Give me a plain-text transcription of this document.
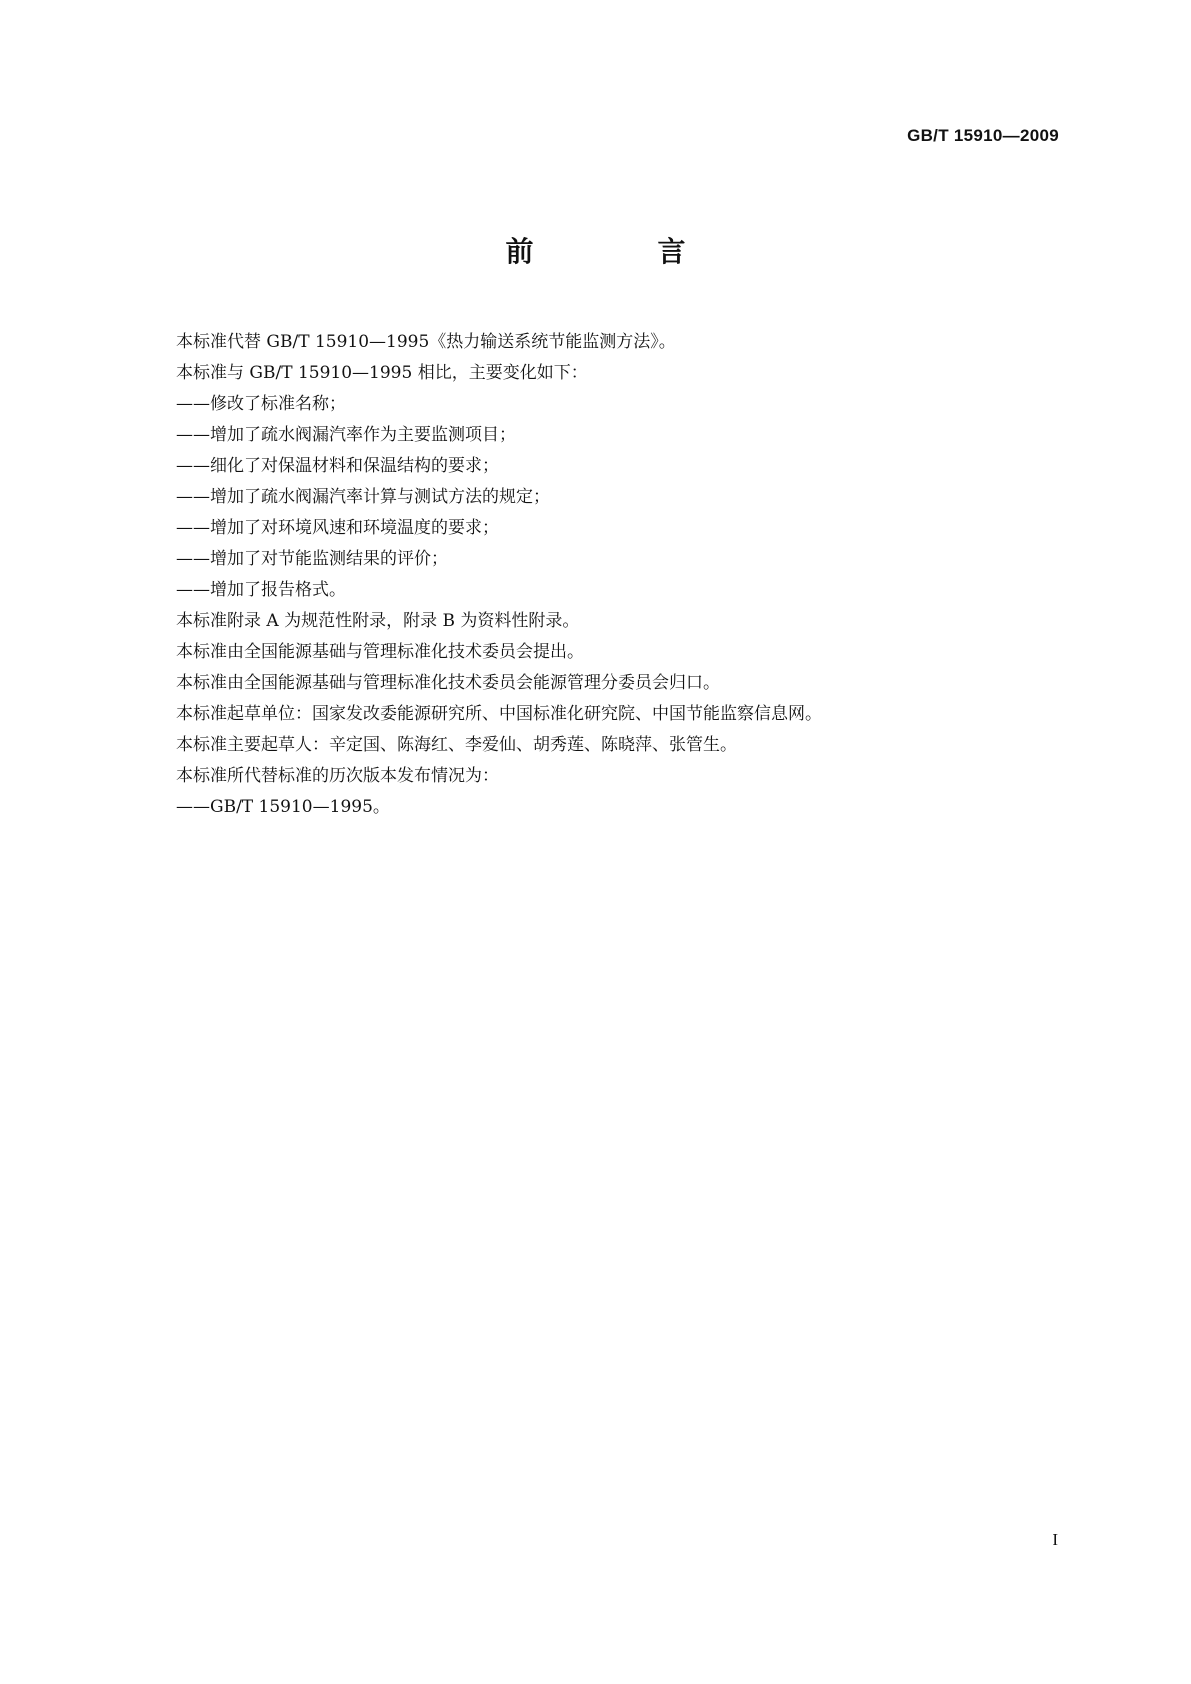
GB/T 15910—2009
前　言
本标准代替 GB/T 15910—1995《热力输送系统节能监测方法》。
本标准与 GB/T 15910—1995 相比，主要变化如下：
——修改了标准名称；
——增加了疏水阀漏汽率作为主要监测项目；
——细化了对保温材料和保温结构的要求；
——增加了疏水阀漏汽率计算与测试方法的规定；
——增加了对环境风速和环境温度的要求；
——增加了对节能监测结果的评价；
——增加了报告格式。
本标准附录 A 为规范性附录，附录 B 为资料性附录。
本标准由全国能源基础与管理标准化技术委员会提出。
本标准由全国能源基础与管理标准化技术委员会能源管理分委员会归口。
本标准起草单位：国家发改委能源研究所、中国标准化研究院、中国节能监察信息网。
本标准主要起草人：辛定国、陈海红、李爱仙、胡秀莲、陈晓萍、张管生。
本标准所代替标准的历次版本发布情况为：
——GB/T 15910—1995。
I
